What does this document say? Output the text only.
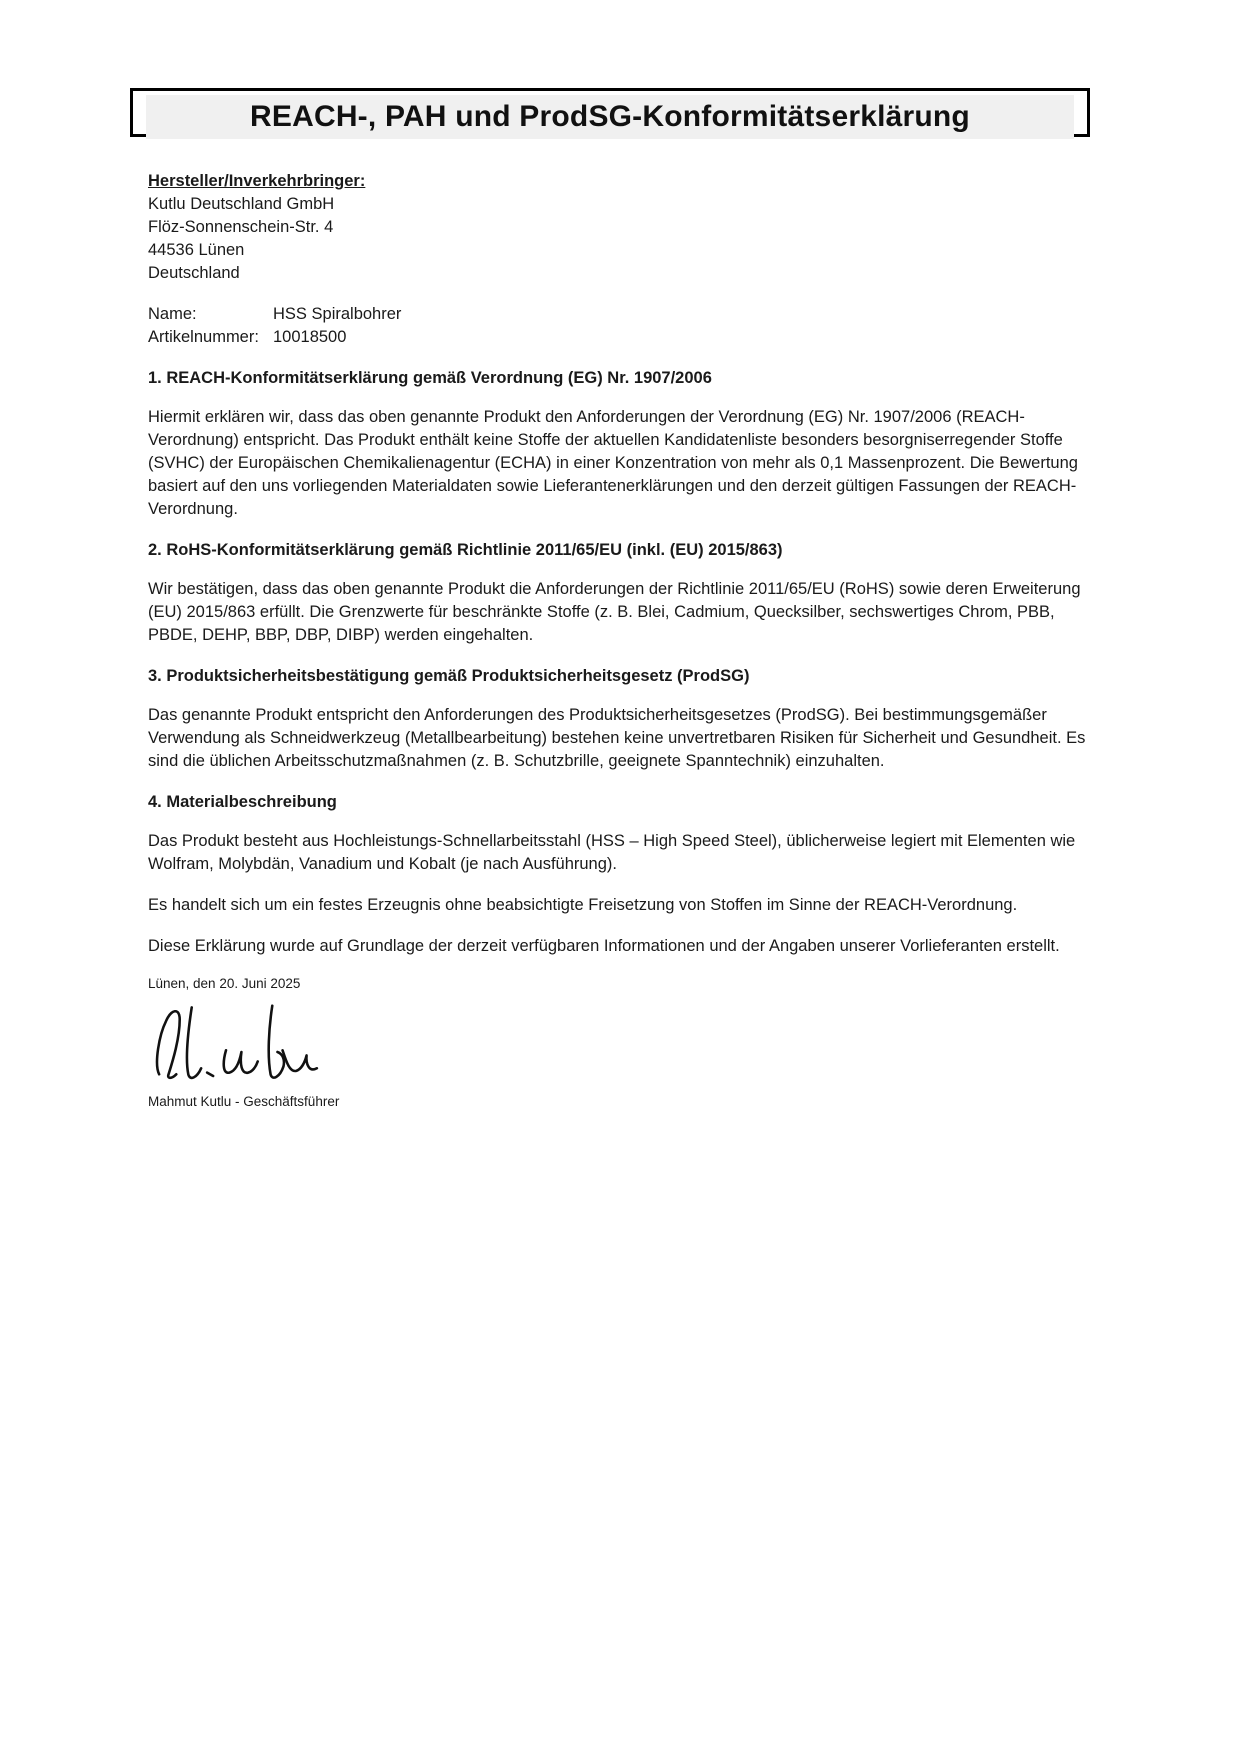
REACH-, PAH und ProdSG-Konformitätserklärung
Hersteller/Inverkehrbringer:
Kutlu Deutschland GmbH
Flöz-Sonnenschein-Str. 4
44536 Lünen
Deutschland
Name:	HSS Spiralbohrer
Artikelnummer: 10018500
1. REACH-Konformitätserklärung gemäß Verordnung (EG) Nr. 1907/2006

Hiermit erklären wir, dass das oben genannte Produkt den Anforderungen der Verordnung (EG) Nr. 1907/2006 (REACH-Verordnung) entspricht. Das Produkt enthält keine Stoffe der aktuellen Kandidatenliste besonders besorgniserregender Stoffe (SVHC) der Europäischen Chemikalienagentur (ECHA) in einer Konzentration von mehr als 0,1 Massenprozent. Die Bewertung basiert auf den uns vorliegenden Materialdaten sowie Lieferantenerklärungen und den derzeit gültigen Fassungen der REACH-Verordnung.

2. RoHS-Konformitätserklärung gemäß Richtlinie 2011/65/EU (inkl. (EU) 2015/863)

Wir bestätigen, dass das oben genannte Produkt die Anforderungen der Richtlinie 2011/65/EU (RoHS) sowie deren Erweiterung (EU) 2015/863 erfüllt. Die Grenzwerte für beschränkte Stoffe (z. B. Blei, Cadmium, Quecksilber, sechswertiges Chrom, PBB, PBDE, DEHP, BBP, DBP, DIBP) werden eingehalten.

3. Produktsicherheitsbestätigung gemäß Produktsicherheitsgesetz (ProdSG)

Das genannte Produkt entspricht den Anforderungen des Produktsicherheitsgesetzes (ProdSG). Bei bestimmungsgemäßer Verwendung als Schneidwerkzeug (Metallbearbeitung) bestehen keine unvertretbaren Risiken für Sicherheit und Gesundheit. Es sind die üblichen Arbeitsschutzmaßnahmen (z. B. Schutzbrille, geeignete Spanntechnik) einzuhalten.

4. Materialbeschreibung

Das Produkt besteht aus Hochleistungs-Schnellarbeitsstahl (HSS – High Speed Steel), üblicherweise legiert mit Elementen wie Wolfram, Molybdän, Vanadium und Kobalt (je nach Ausführung).

Es handelt sich um ein festes Erzeugnis ohne beabsichtigte Freisetzung von Stoffen im Sinne der REACH-Verordnung.

Diese Erklärung wurde auf Grundlage der derzeit verfügbaren Informationen und der Angaben unserer Vorlieferanten erstellt.

Lünen, den 20. Juni 2025
Mahmut Kutlu - Geschäftsführer
